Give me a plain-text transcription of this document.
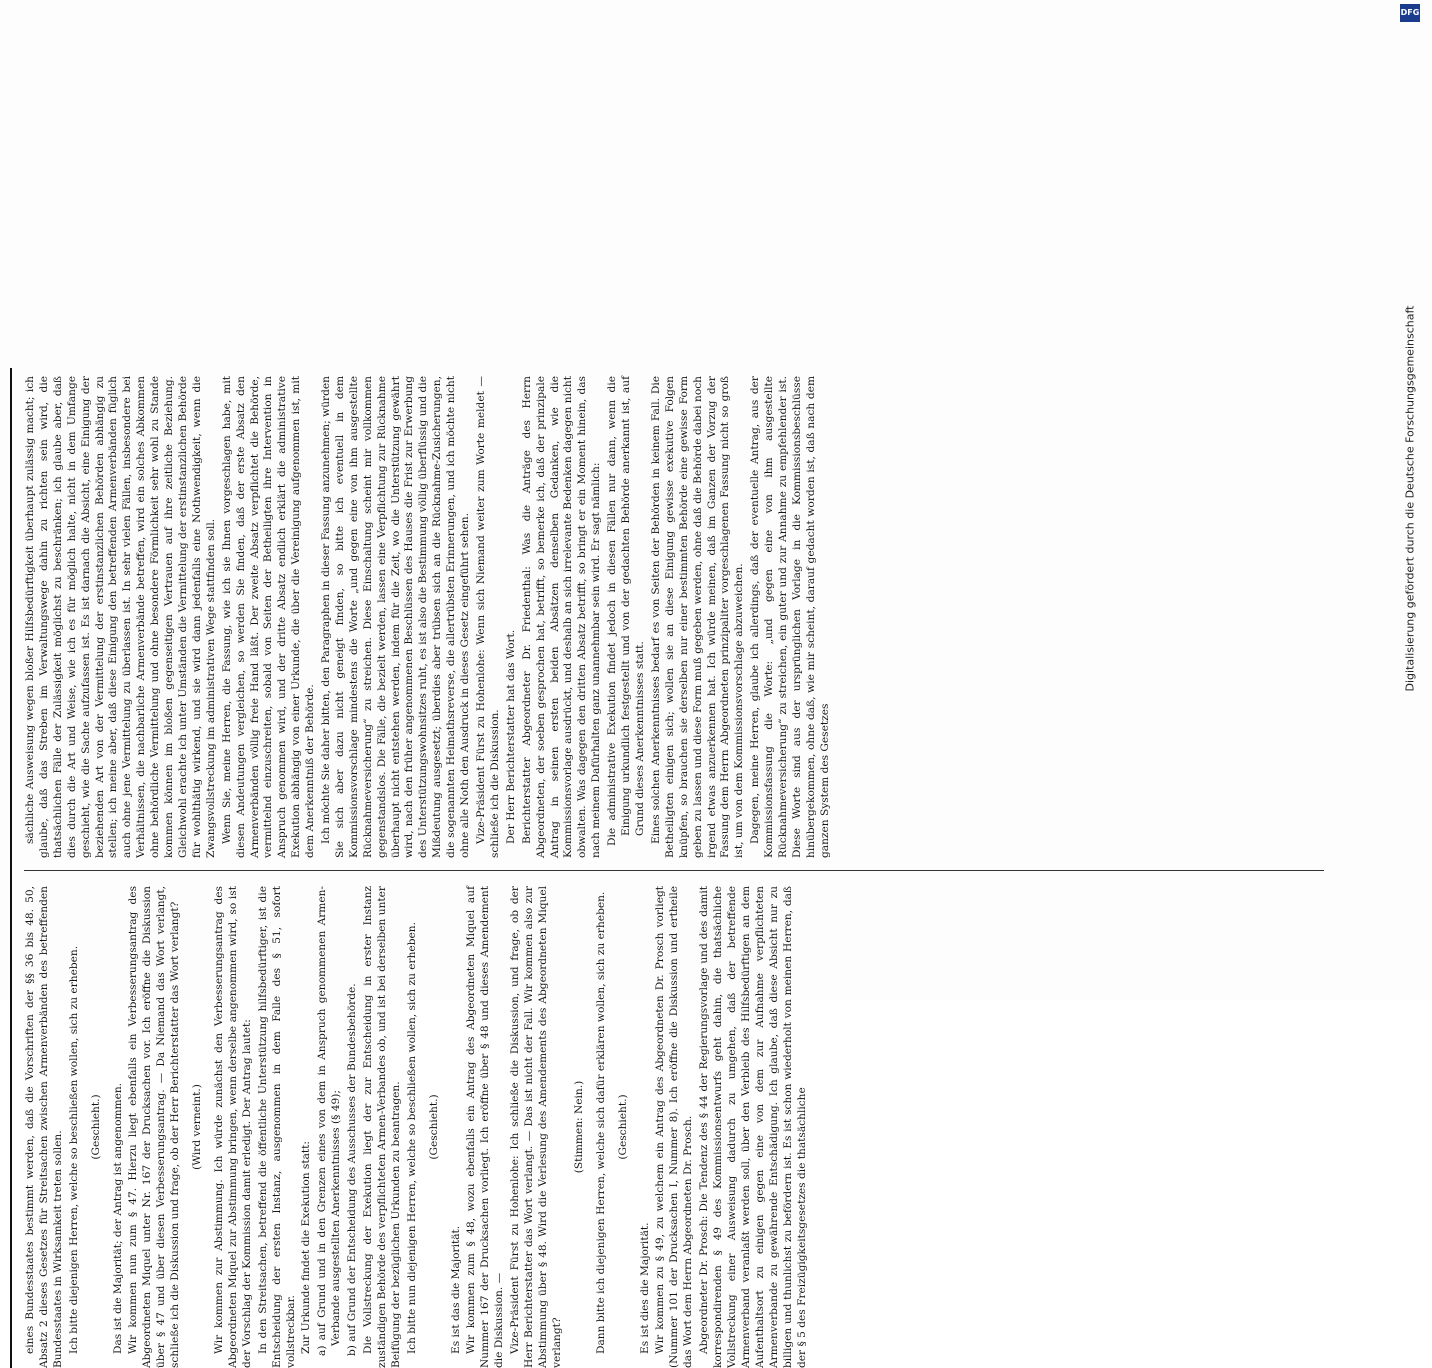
eines Bundesstaates bestimmt werden, daß die Vorschriften der §§ 36 bis 48. 50, Absatz 2 dieses Gesetzes für Streitsachen zwischen Armenverbänden des betreffenden Bundesstaates in Wirksamkeit treten sollen. Ich bitte diejenigen Herren, welche so beschließen wollen, sich zu erheben. (Geschieht.) Das ist die Majorität; der Antrag ist angenommen. Wir kommen nun zum § 47. Hierzu liegt ebenfalls ein Verbesserungsantrag des Abgeordneten Miquel unter Nr. 167 der Drucksachen vor. Ich eröffne die Diskussion über § 47 und über diesen Verbesserungsantrag. — Da Niemand das Wort verlangt, schließe ich die Diskussion und frage, ob der Herr Berichterstatter das Wort verlangt? (Wird verneint.) Wir kommen zur Abstimmung. Ich würde zunächst den Verbesserungsantrag des Abgeordneten Miquel zur Abstimmung bringen, wenn derselbe angenommen wird, so ist der Vorschlag der Kommission damit erledigt. Der Antrag lautet: In den Streitsachen, betreffend die öffentliche Unterstützung hilfsbedürftiger, ist die Entscheidung der ersten Instanz, ausgenommen in dem Falle des § 51, sofort vollstreckbar. Zur Urkunde findet die Exekution statt: a) auf Grund und in den Grenzen eines von dem in Anspruch genommenen Armen-Verbande ausgestellten Anerkenntnisses (§ 49); b) auf Grund der Entscheidung des Ausschusses der Bundesbehörde. Die Vollstreckung der Exekution liegt der zur Entscheidung in erster Instanz zuständigen Behörde des verpflichteten Armen-Verbandes ob, und ist bei derselben unter Beifügung der bezüglichen Urkunden zu beantragen. Ich bitte nun diejenigen Herren, welche so beschließen wollen, sich zu erheben. (Geschieht.)

Es ist das die Majorität. Wir kommen zum § 48, wozu ebenfalls ein Antrag des Abgeordneten Miquel auf Nummer 167 der Drucksachen vorliegt. Ich eröffne über § 48 und dieses Amendement die Diskussion. — Vize-Präsident Fürst zu Hohenlohe: Ich schließe die Diskussion, und frage, ob der Herr Berichterstatter das Wort verlangt. — Das ist nicht der Fall. Wir kommen also zur Abstimmung über § 48. Wird die Verlesung des Amendements des Abgeordneten Miquel verlangt?

(Stimmen: Nein.) Dann bitte ich diejenigen Herren, welche sich dafür erklären wollen, sich zu erheben. (Geschieht.)

Es ist dies die Majorität. Wir kommen zu § 49, zu welchem ein Antrag des Abgeordneten Dr. Prosch vorliegt (Nummer 101 der Drucksachen I, Nummer 8). Ich eröffne die Diskussion und ertheile das Wort dem Herrn Abgeordneten Dr. Prosch. Abgeordneter Dr. Prosch: Die Tendenz des § 44 der Regierungsvorlage und des damit korrespondirenden § 49 des Kommissionsentwurfs geht dahin, die thatsächliche Vollstreckung einer Ausweisung dadurch zu umgehen, daß der betreffende Armenverband veranlaßt werden soll, über den Verbleib des Hilfsbedürftigen an dem Aufenthaltsort zu einigen gegen eine von dem zur Aufnahme verpflichteten Armenverbande zu gewährende Entschädigung. Ich glaube, daß diese Absicht nur zu billigen und thunlichst zu befördern ist. Es ist schon wiederholt von meinen Herren, daß der § 5 des Freizügigkeitsgesetzes die thatsächliche

sächliche Ausweisung wegen bloßer Hilfsbedürftigkeit überhaupt zulässig macht; ich glaube, daß das Streben im Verwaltungswege dahin zu richten sein wird, die thatsächlichen Fälle der Zulässigkeit möglichst zu beschränken; ich glaube aber, daß dies durch die Art und Weise, wie ich es für möglich halte, nicht in dem Umfange geschieht, wie die Sache aufzufassen ist. Es ist darnach die Absicht, eine Einigung der beziehenden Art von der Vermittelung der erstinstanzlichen Behörden abhängig zu stellen; ich meine aber, daß diese Einigung den betreffenden Armenverbänden füglich auch ohne jene Vermittelung zu überlassen ist. In sehr vielen Fällen, insbesondere bei Verhältnissen, die nachbarliche Armenverbände betreffen, wird ein solches Abkommen ohne behördliche Vermittelung und ohne besondere Förmlichkeit sehr wohl zu Stande kommen können im bloßen gegenseitigen Vertrauen auf ihre zeitliche Beziehung. Gleichwohl erachte ich unter Umständen die Vermittelung der erstinstanzlichen Behörde für wohlthätig wirkend, und sie wird dann jedenfalls eine Nothwendigkeit, wenn die Zwangsvollstreckung im administrativen Wege stattfinden soll. Wenn Sie, meine Herren, die Fassung, wie ich sie Ihnen vorgeschlagen habe, mit diesen Andeutungen vergleichen, so werden Sie finden, daß der erste Absatz den Armenverbänden völlig freie Hand läßt. Der zweite Absatz verpflichtet die Behörde, vermittelnd einzuschreiten, sobald von Seiten der Betheiligten ihre Intervention in Anspruch genommen wird, und der dritte Absatz endlich erklärt die administrative Exekution abhängig von einer Urkunde, die über die Vereinigung aufgenommen ist, mit dem Anerkenntniß der Behörde. Ich möchte Sie daher bitten, den Paragraphen in dieser Fassung anzunehmen; würden Sie sich aber dazu nicht geneigt finden, so bitte ich eventuell in dem Kommissionsvorschlage mindestens die Worte „und gegen eine von ihm ausgestellte Rücknahmeversicherung“ zu streichen. Diese Einschaltung scheint mir vollkommen gegenstandslos. Die Fälle, die bezielt werden, lassen eine Verpflichtung zur Rücknahme überhaupt nicht entstehen werden, indem für die Zeit, wo die Unterstützung gewährt wird, nach den früher angenommenen Beschlüssen des Hauses die Frist zur Erwerbung des Unterstützungswohnsitzes ruht, es ist also die Bestimmung völlig überflüssig und die Mißdeutung ausgesetzt; überdies aber trübsen sich an die Rücknahme-Zusicherungen, die sogenannten Heimathsreverse, die allertrübsten Erinnerungen, und ich möchte nicht ohne alle Noth den Ausdruck in dieses Gesetz eingeführt sehen. Vize-Präsident Fürst zu Hohenlohe: Wenn sich Niemand weiter zum Worte meldet — schließe ich die Diskussion. Der Herr Berichterstatter hat das Wort. Berichterstatter Abgeordneter Dr. Friedenthal: Was die Anträge des Herrn Abgeordneten, der soeben gesprochen hat, betrifft, so bemerke ich, daß der prinzipale Antrag in seinen ersten beiden Absätzen denselben Gedanken, wie die Kommissionsvorlage ausdrückt, und deshalb an sich irrelevante Bedenken dagegen nicht obwalten. Was dagegen den dritten Absatz betrifft, so bringt er ein Moment hinein, das nach meinem Dafürhalten ganz unannehmbar sein wird. Er sagt nämlich: Die administrative Exekution findet jedoch in diesen Fällen nur dann, wenn die Einigung urkundlich festgestellt und von der gedachten Behörde anerkannt ist, auf Grund dieses Anerkenntnisses statt. Eines solchen Anerkenntnisses bedarf es von Seiten der Behörden in keinem Fall. Die Betheiligten einigen sich; wollen sie an diese Einigung gewisse exekutive Folgen knüpfen, so brauchen sie derselben nur einer bestimmten Behörde eine gewisse Form geben zu lassen und diese Form muß gegeben werden, ohne daß die Behörde dabei noch irgend etwas anzuerkennen hat. Ich würde meinen, daß im Ganzen der Vorzug der Fassung dem Herrn Abgeordneten prinzipaliter vorgeschlagenen Fassung nicht so groß ist, um von dem Kommissionsvorschlage abzuweichen. Dagegen, meine Herren, glaube ich allerdings, daß der eventuelle Antrag, aus der Kommissionsfassung die Worte: „und gegen eine von ihm ausgestellte Rücknahmeversicherung“ zu streichen, ein guter und zur Annahme zu empfehlender ist. Diese Worte sind aus der ursprünglichen Vorlage in die Kommissionsbeschlüsse hinübergekommen, ohne daß, wie mir scheint, darauf gedacht worden ist, daß nach dem ganzen System des Gesetzes

DFG
Digitalisierung gefördert durch die Deutsche Forschungsgemeinschaft
